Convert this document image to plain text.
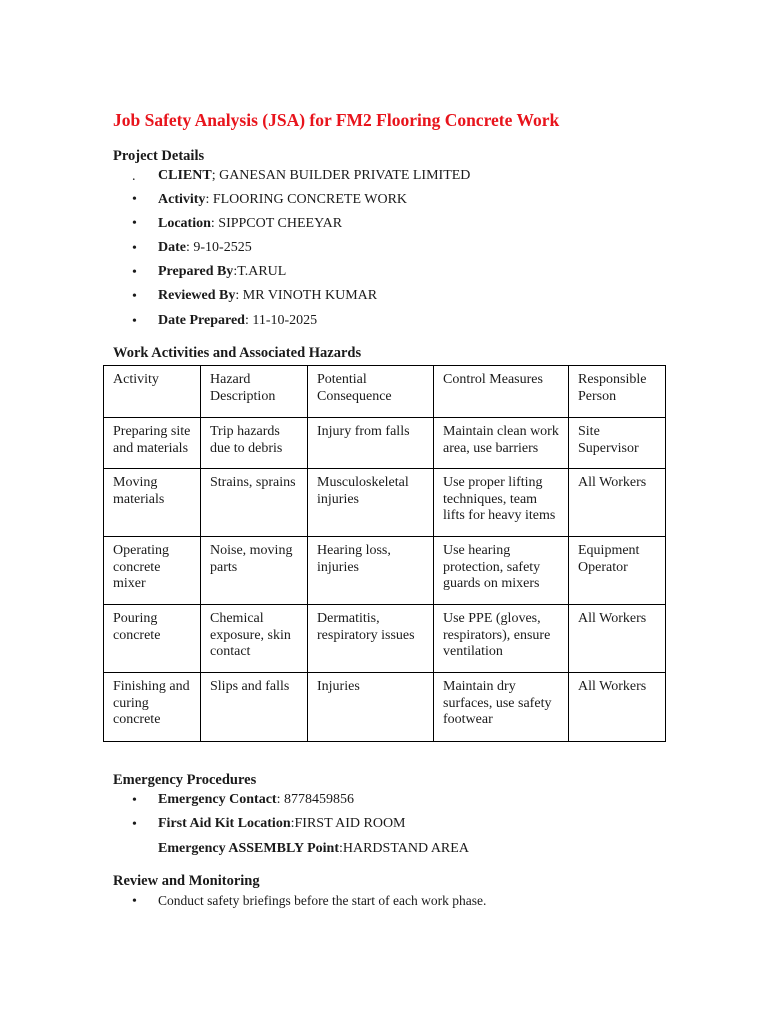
Job Safety Analysis (JSA) for FM2 Flooring Concrete Work
Project Details
.	CLIENT; GANESAN BUILDER PRIVATE LIMITED
•	Activity: FLOORING CONCRETE WORK
•	Location: SIPPCOT CHEEYAR
•	Date: 9-10-2525
•	Prepared By:T.ARUL
•	Reviewed By: MR VINOTH KUMAR
•	Date Prepared: 11-10-2025
Work Activities and Associated Hazards
Activity	Hazard Description	Potential Consequence	Control Measures	Responsible Person
Preparing site and materials	Trip hazards due to debris	Injury from falls	Maintain clean work area, use barriers	Site Supervisor
Moving materials	Strains, sprains	Musculoskeletal injuries	Use proper lifting techniques, team lifts for heavy items	All Workers
Operating concrete mixer	Noise, moving parts	Hearing loss, injuries	Use hearing protection, safety guards on mixers	Equipment Operator
Pouring concrete	Chemical exposure, skin contact	Dermatitis, respiratory issues	Use PPE (gloves, respirators), ensure ventilation	All Workers
Finishing and curing concrete	Slips and falls	Injuries	Maintain dry surfaces, use safety footwear	All Workers
Emergency Procedures
•	Emergency Contact: 8778459856
•	First Aid Kit Location:FIRST AID ROOM
Emergency ASSEMBLY Point:HARDSTAND AREA
Review and Monitoring
•	Conduct safety briefings before the start of each work phase.
